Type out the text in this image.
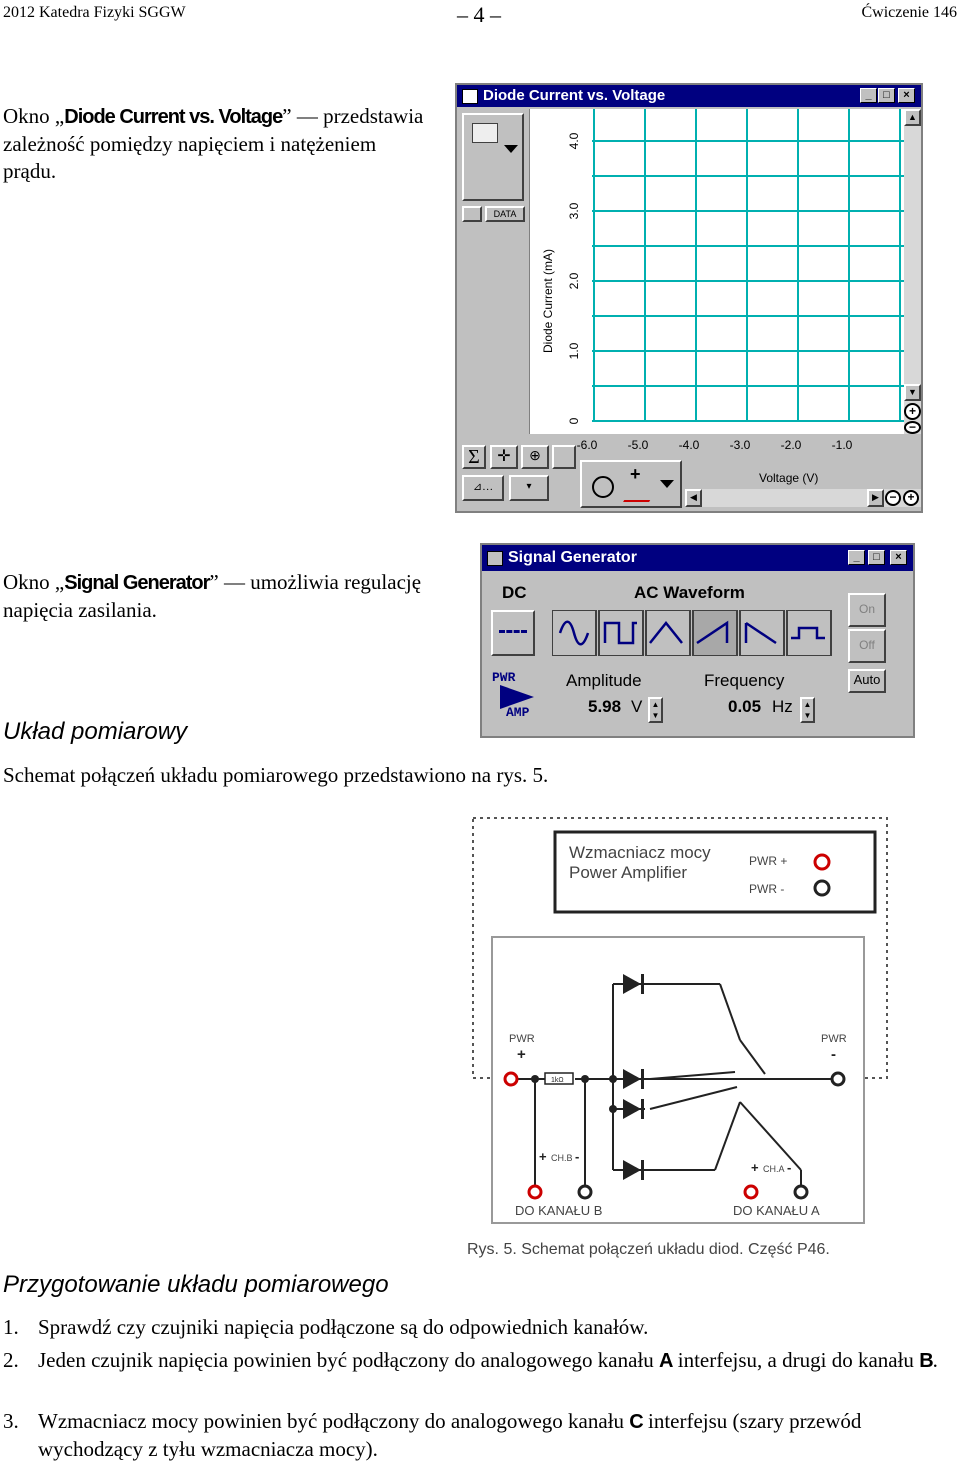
2012 Katedra Fizyki SGGW	– 4 –	Ćwiczenie 146
Okno „Diode Current vs. Voltage” — przedstawia zależność pomiędzy napięciem i natężeniem prądu.
Diode Current vs. Voltage	_	□	×
DATA
0
1.0
2.0
3.0
4.0
Diode Current (mA)
▲
▼
+
−
Σ	✛	⊕
⊿…	▾
+	Voltage (V)
-6.0	-5.0	-4.0	-3.0	-2.0	-1.0
◀	▶ − +
Okno „Signal Generator” — umożliwia regulację napięcia zasilania.
Signal Generator	_	□	×
DC	AC Waveform
On
Off
Auto
PWR
AMP
Amplitude
5.98 V	▲
▼
Frequency
0.05 Hz	▲
▼
Układ pomiarowy
Schemat połączeń układu pomiarowego przedstawiono na rys. 5.
Wzmacniacz mocy
Power Amplifier
PWR +
PWR -
PWR
+
PWR
-
1kΩ
+ CH.B -
+ CH.A -
DO KANAŁU B	DO KANAŁU A
Rys. 5. Schemat połączeń układu diod. Część P46.
Przygotowanie układu pomiarowego
1. Sprawdź czy czujniki napięcia podłączone są do odpowiednich kanałów.
2. Jeden czujnik napięcia powinien być podłączony do analogowego kanału A interfejsu, a drugi do kanału B.
3. Wzmacniacz mocy powinien być podłączony do analogowego kanału C interfejsu (szary przewód wychodzący z tyłu wzmacniacza mocy).
